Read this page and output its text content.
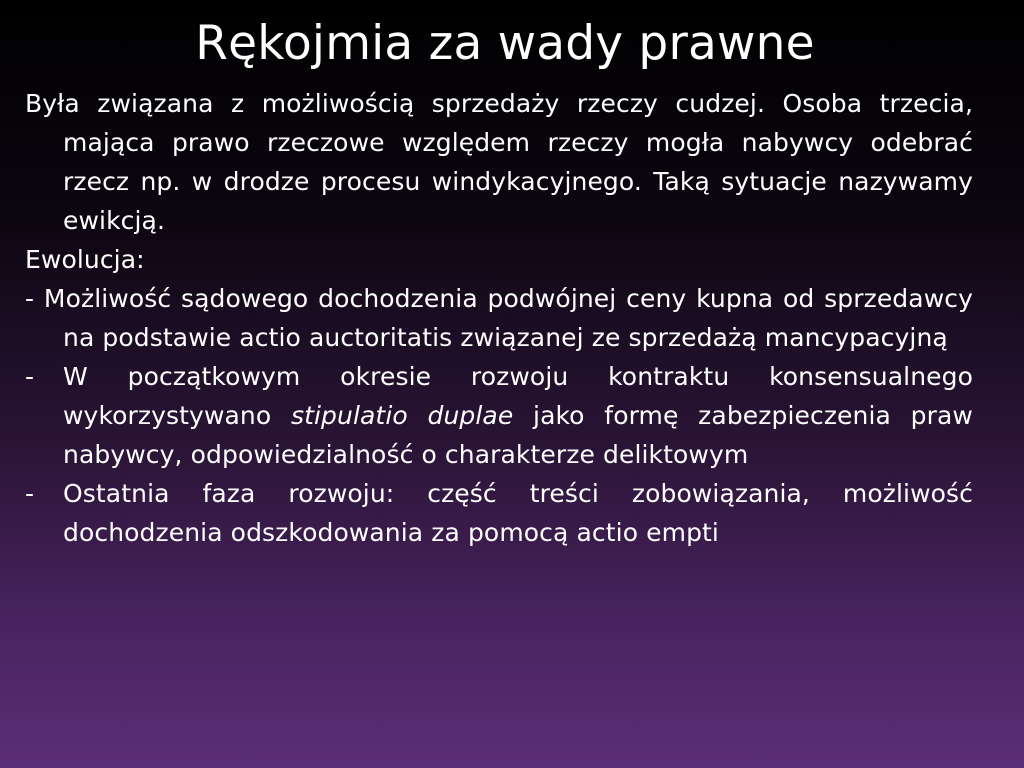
Rękojmia za wady prawne

Była związana z możliwością sprzedaży rzeczy cudzej. Osoba trzecia, mająca prawo rzeczowe względem rzeczy mogła nabywcy odebrać rzecz np. w drodze procesu windykacyjnego. Taką sytuacje nazywamy ewikcją.

Ewolucja:

- Możliwość sądowego dochodzenia podwójnej ceny kupna od sprzedawcy na podstawie actio auctoritatis związanej ze sprzedażą mancypacyjną

- W początkowym okresie rozwoju kontraktu konsensualnego wykorzystywano stipulatio duplae jako formę zabezpieczenia praw nabywcy, odpowiedzialność o charakterze deliktowym

- Ostatnia faza rozwoju: część treści zobowiązania, możliwość dochodzenia odszkodowania za pomocą actio empti
